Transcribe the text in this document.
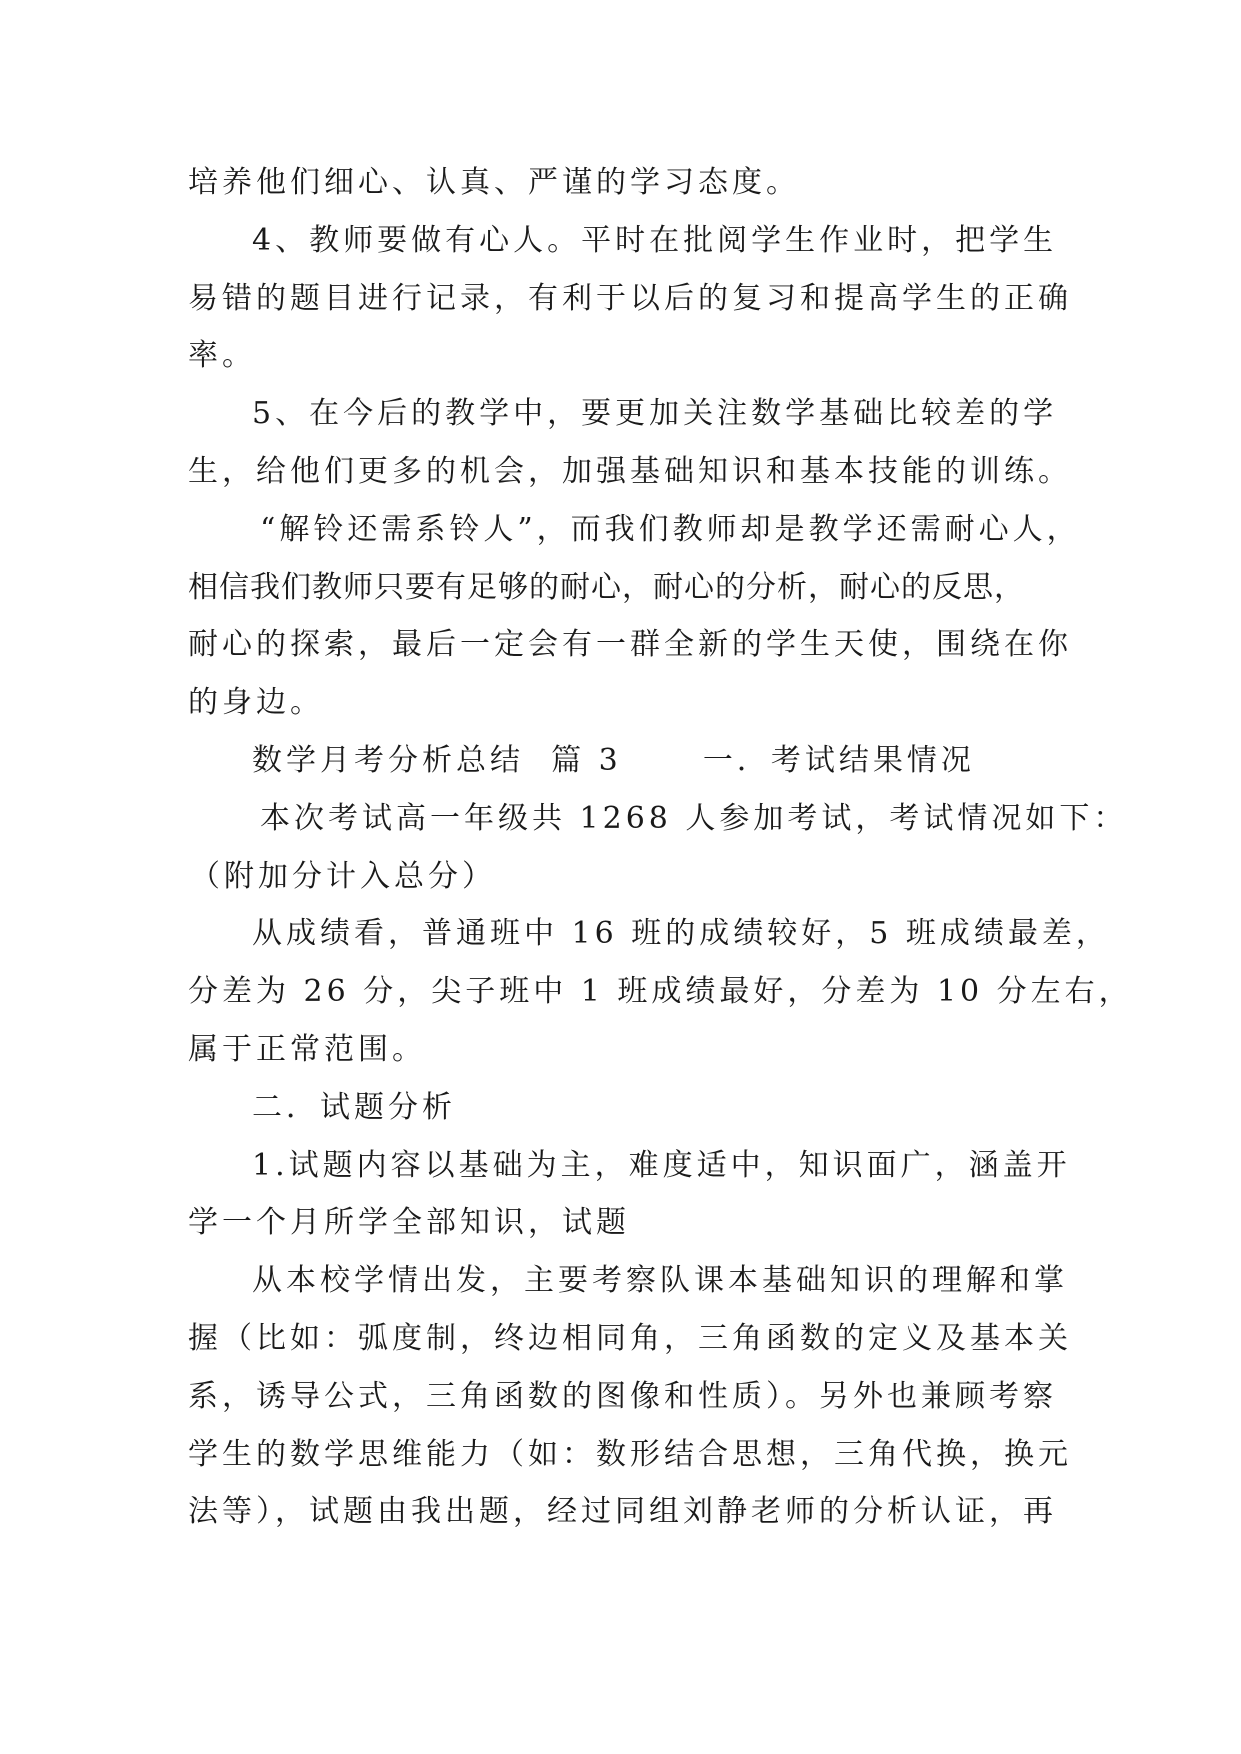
培养他们细心、认真、严谨的学习态度。
4、教师要做有心人。平时在批阅学生作业时，把学生
易错的题目进行记录，有利于以后的复习和提高学生的正确
率。
5、在今后的教学中，要更加关注数学基础比较差的学
生，给他们更多的机会，加强基础知识和基本技能的训练。
“解铃还需系铃人”，而我们教师却是教学还需耐心人，
相信我们教师只要有足够的耐心，耐心的分析，耐心的反思，
耐心的探索，最后一定会有一群全新的学生天使，围绕在你
的身边。
数学月考分析总结  篇 3      一．考试结果情况
本次考试高一年级共 1268 人参加考试，考试情况如下：
（附加分计入总分）
从成绩看，普通班中 16 班的成绩较好，5 班成绩最差，
分差为 26 分，尖子班中 1 班成绩最好，分差为 10 分左右，
属于正常范围。
二．试题分析
1.试题内容以基础为主，难度适中，知识面广，涵盖开
学一个月所学全部知识，试题
从本校学情出发，主要考察队课本基础知识的理解和掌
握（比如：弧度制，终边相同角，三角函数的定义及基本关
系，诱导公式，三角函数的图像和性质）。另外也兼顾考察
学生的数学思维能力（如：数形结合思想，三角代换，换元
法等），试题由我出题，经过同组刘静老师的分析认证，再
